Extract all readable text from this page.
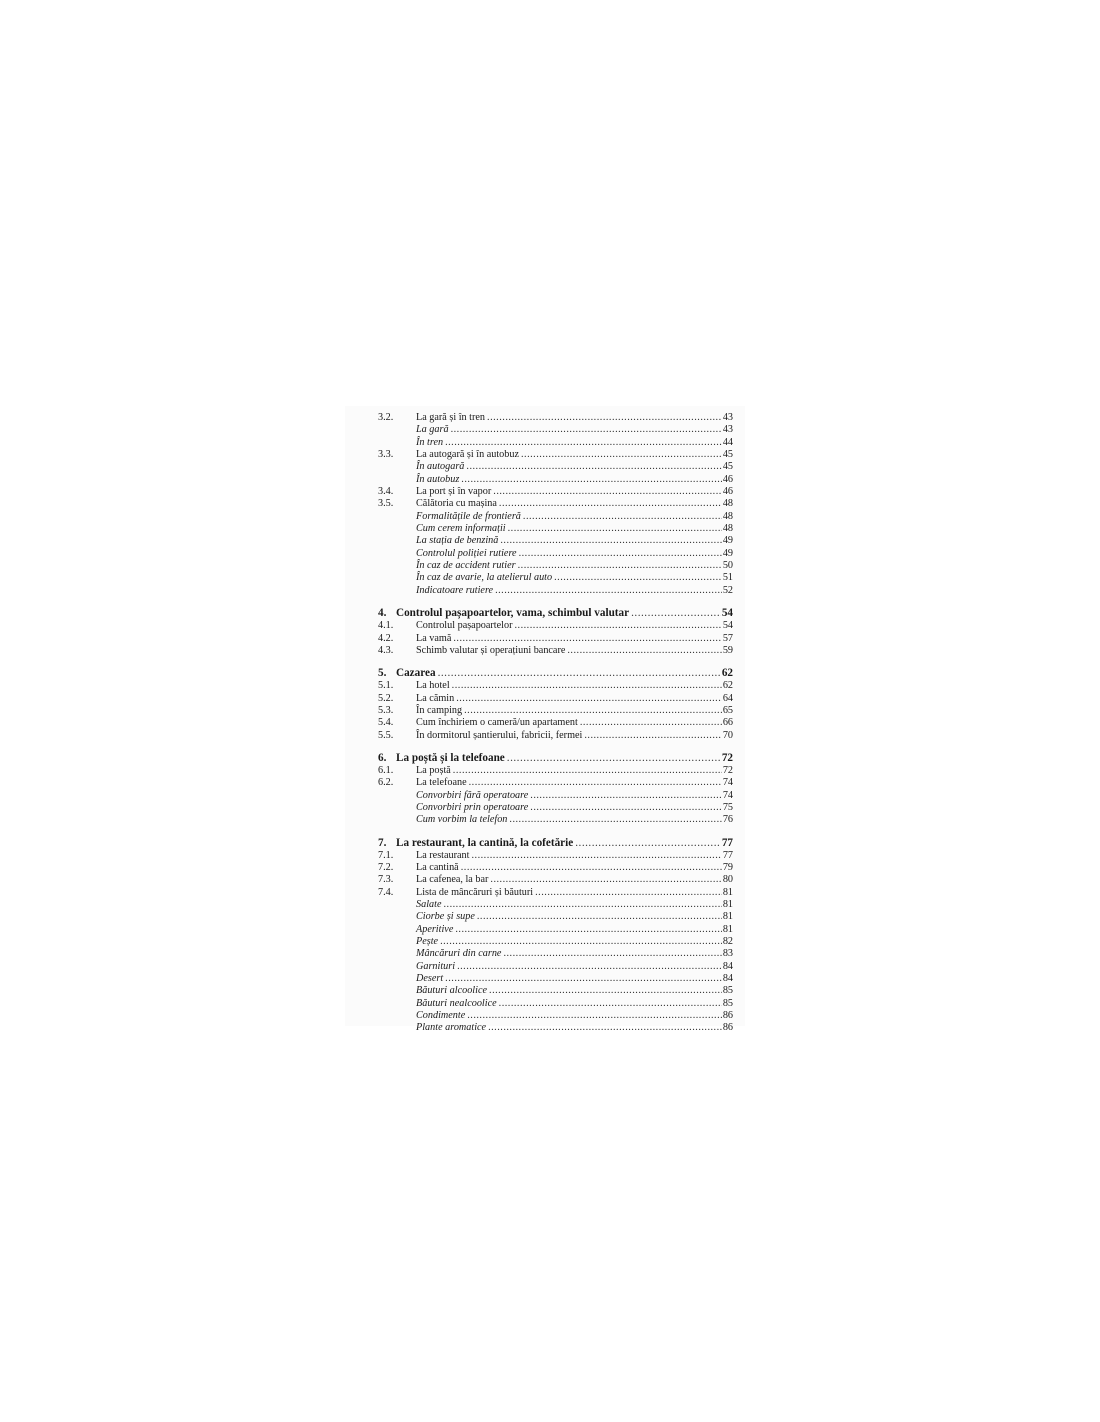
3.2.	La gară și în tren .....	43
La gară .....	43
În tren .....	44
3.3.	La autogară și în autobuz .....	45
În autogară .....	45
În autobuz .....	46
3.4.	La port și în vapor .....	46
3.5.	Călătoria cu mașina .....	48
Formalitățile de frontieră .....	48
Cum cerem informații .....	48
La stația de benzină .....	49
Controlul poliției rutiere .....	49
În caz de accident rutier .....	50
În caz de avarie, la atelierul auto .....	51
Indicatoare rutiere .....	52
4. Controlul pașapoartelor, vama, schimbul valutar .....	54
4.1.	Controlul pașapoartelor .....	54
4.2.	La vamă .....	57
4.3.	Schimb valutar și operațiuni bancare .....	59
5. Cazarea .....	62
5.1.	La hotel .....	62
5.2.	La cămin .....	64
5.3.	În camping .....	65
5.4.	Cum închiriem o cameră/un apartament .....	66
5.5.	În dormitorul șantierului, fabricii, fermei .....	70
6. La poștă și la telefoane .....	72
6.1.	La poștă .....	72
6.2.	La telefoane .....	74
Convorbiri fără operatoare .....	74
Convorbiri prin operatoare .....	75
Cum vorbim la telefon .....	76
7. La restaurant, la cantină, la cofetărie .....	77
7.1.	La restaurant .....	77
7.2.	La cantină .....	79
7.3.	La cafenea, la bar .....	80
7.4.	Lista de mâncăruri și băuturi .....	81
Salate .....	81
Ciorbe și supe .....	81
Aperitive .....	81
Pește .....	82
Mâncăruri din carne .....	83
Garnituri .....	84
Desert .....	84
Băuturi alcoolice .....	85
Băuturi nealcoolice .....	85
Condimente .....	86
Plante aromatice .....	86
